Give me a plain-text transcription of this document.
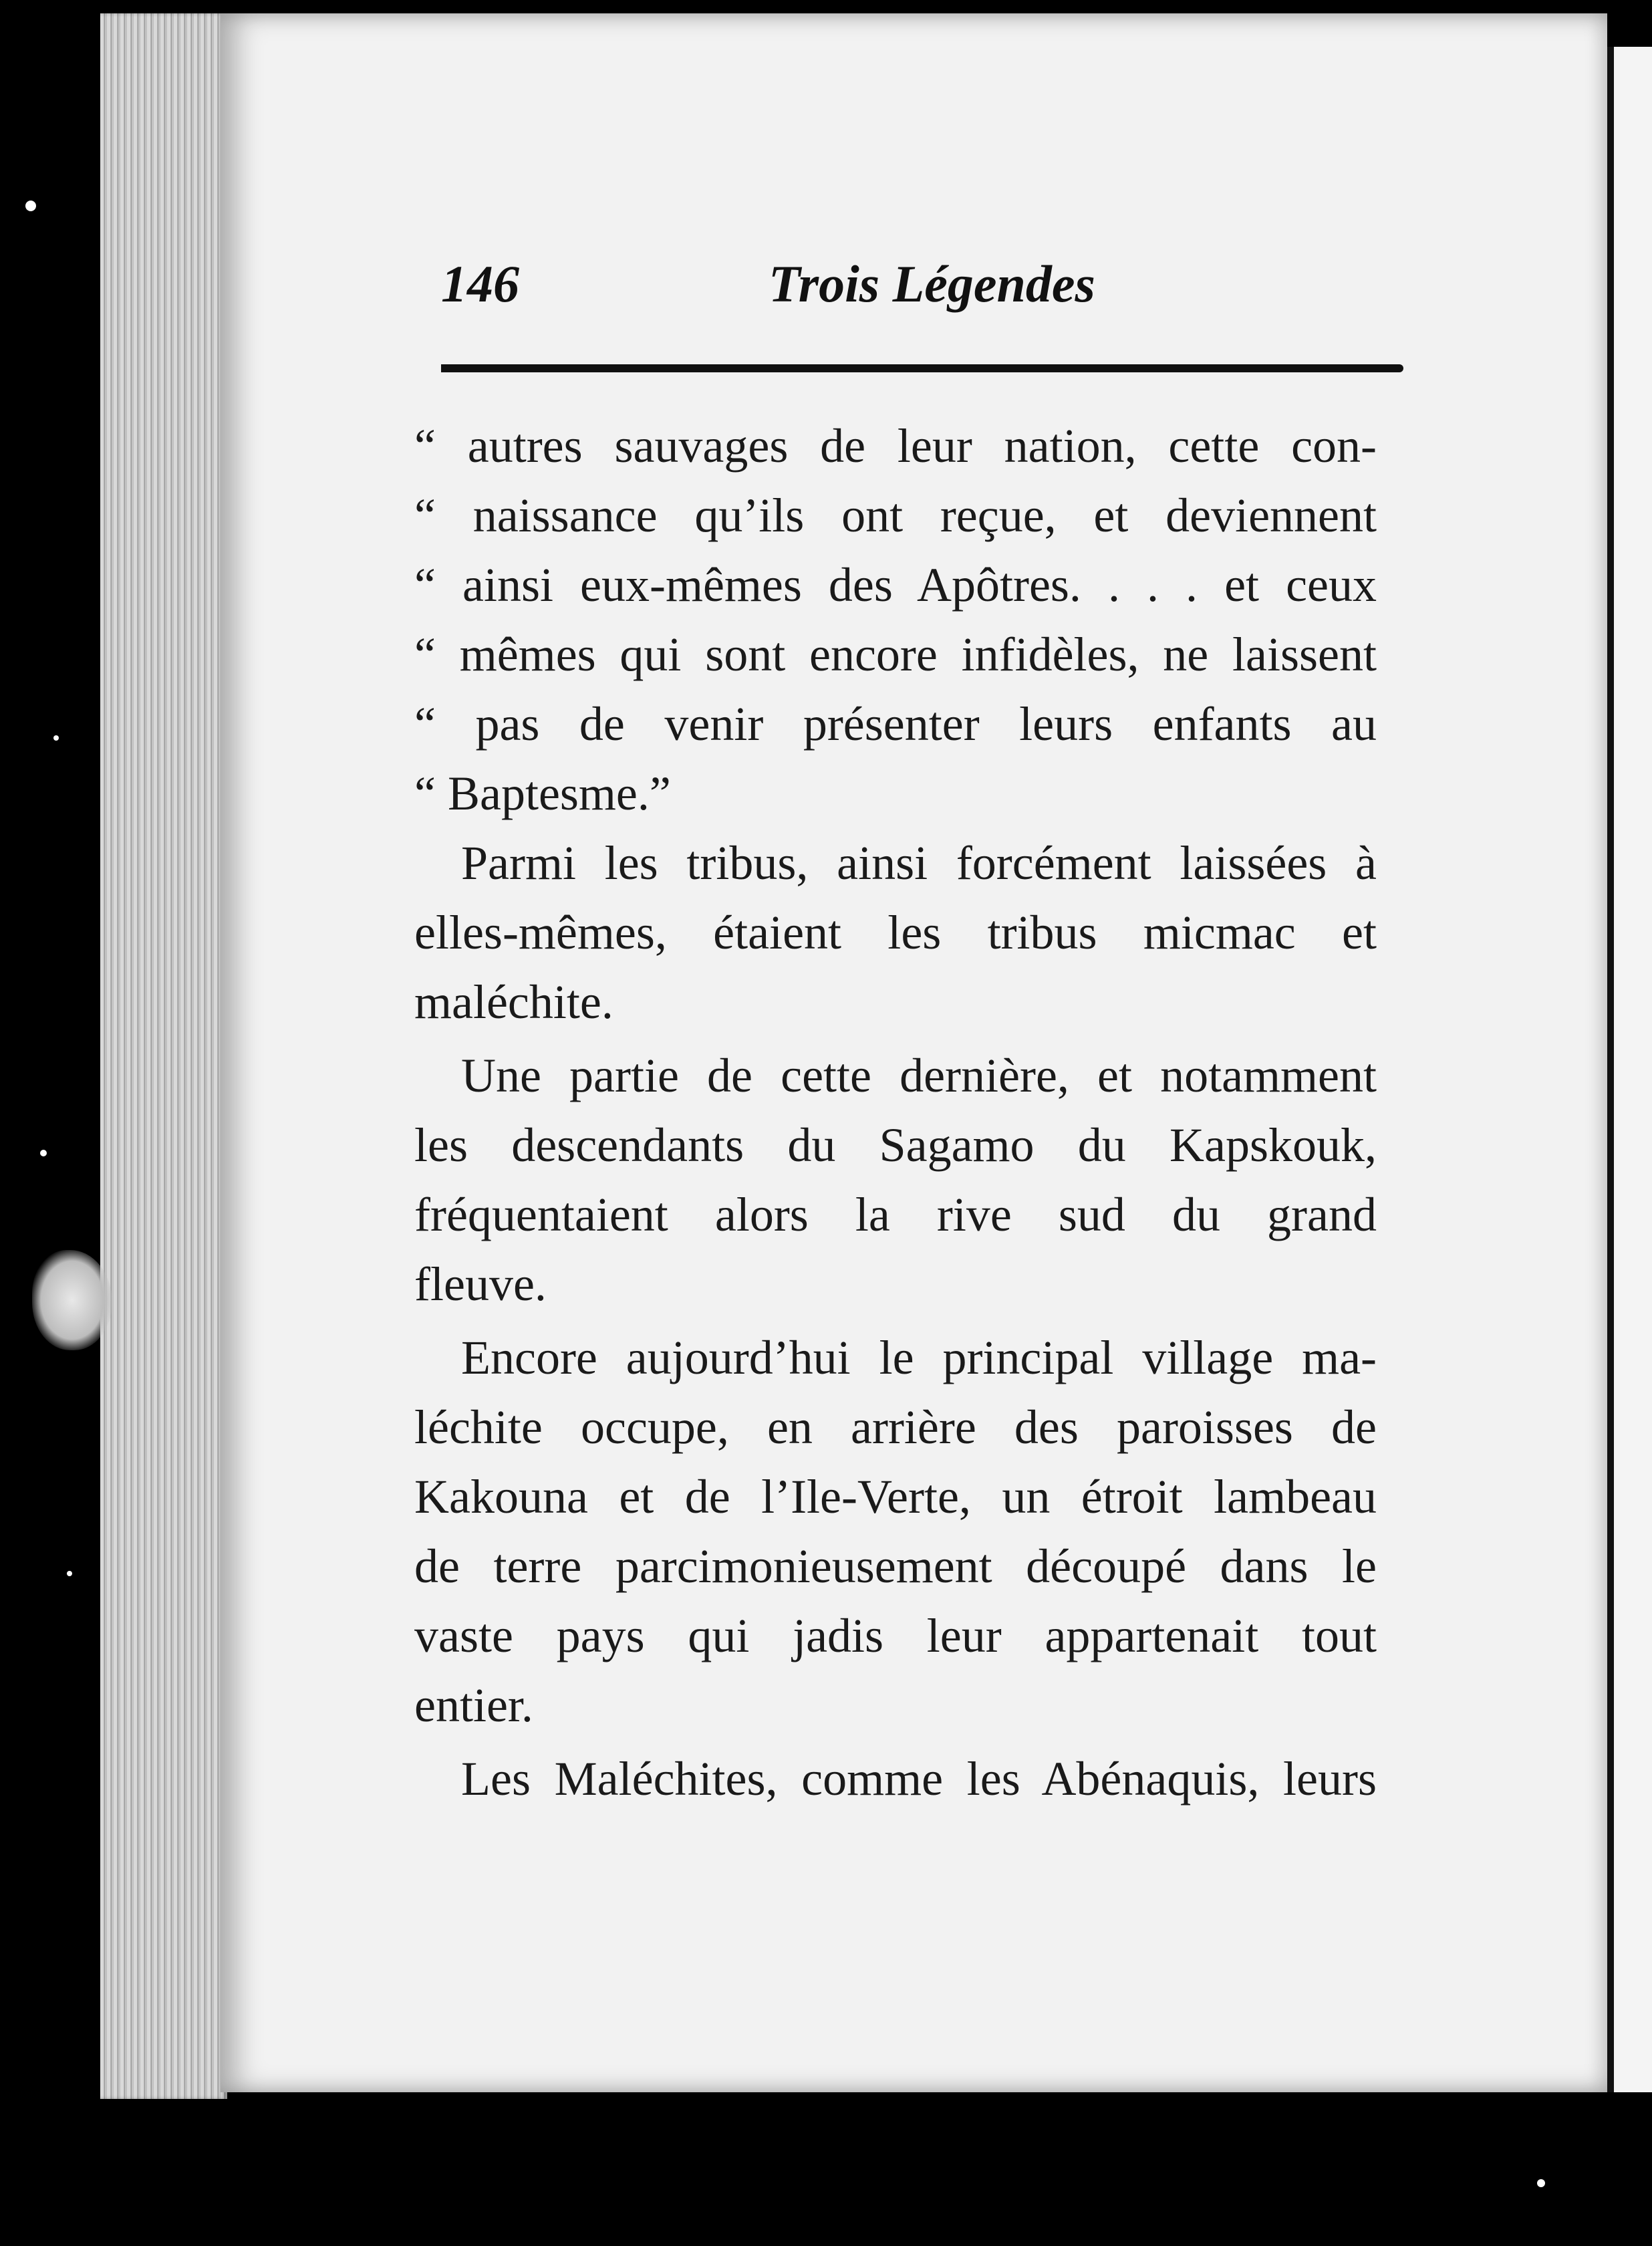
146	Trois Légendes
“ autres sauvages de leur nation, cette con-
“ naissance qu’ils ont reçue, et deviennent
“ ainsi eux-mêmes des Apôtres. . . . et ceux
“ mêmes qui sont encore infidèles, ne laissent
“ pas de venir présenter leurs enfants au
“ Baptesme.”
Parmi les tribus, ainsi forcément laissées à
elles-mêmes, étaient les tribus micmac et
maléchite.
Une partie de cette dernière, et notamment
les descendants du Sagamo du Kapskouk,
fréquentaient alors la rive sud du grand
fleuve.
Encore aujourd’hui le principal village ma-
léchite occupe, en arrière des paroisses de
Kakouna et de l’Ile-Verte, un étroit lambeau
de terre parcimonieusement découpé dans le
vaste pays qui jadis leur appartenait tout
entier.
Les Maléchites, comme les Abénaquis, leurs
